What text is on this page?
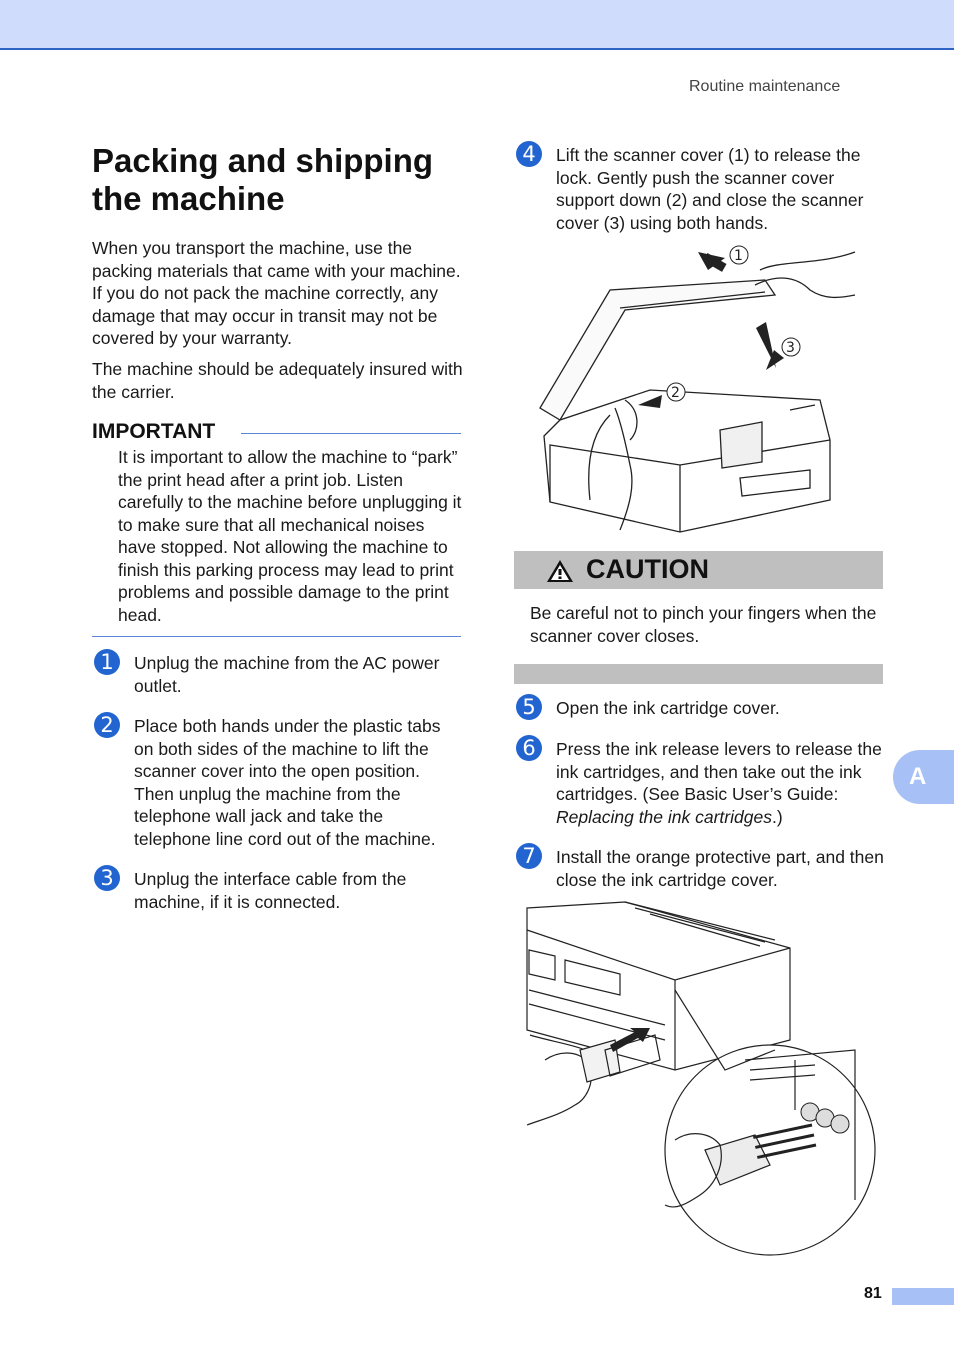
Routine maintenance
Packing and shipping the machine

When you transport the machine, use the packing materials that came with your machine. If you do not pack the machine correctly, any damage that may occur in transit may not be covered by your warranty.

The machine should be adequately insured with the carrier.

IMPORTANT

It is important to allow the machine to “park” the print head after a print job. Listen carefully to the machine before unplugging it to make sure that all mechanical noises have stopped. Not allowing the machine to finish this parking process may lead to print problems and possible damage to the print head.

1	Unplug the machine from the AC power outlet.

2	Place both hands under the plastic tabs on both sides of the machine to lift the scanner cover into the open position. Then unplug the machine from the telephone wall jack and take the telephone line cord out of the machine.

3	Unplug the interface cable from the machine, if it is connected.

4	Lift the scanner cover (1) to release the lock. Gently push the scanner cover support down (2) and close the scanner cover (3) using both hands.

1
2
3
CAUTION

Be careful not to pinch your fingers when the scanner cover closes.

5	Open the ink cartridge cover.

6	Press the ink release levers to release the ink cartridges, and then take out the ink cartridges. (See Basic User’s Guide: Replacing the ink cartridges.)

7	Install the orange protective part, and then close the ink cartridge cover.

A
81
